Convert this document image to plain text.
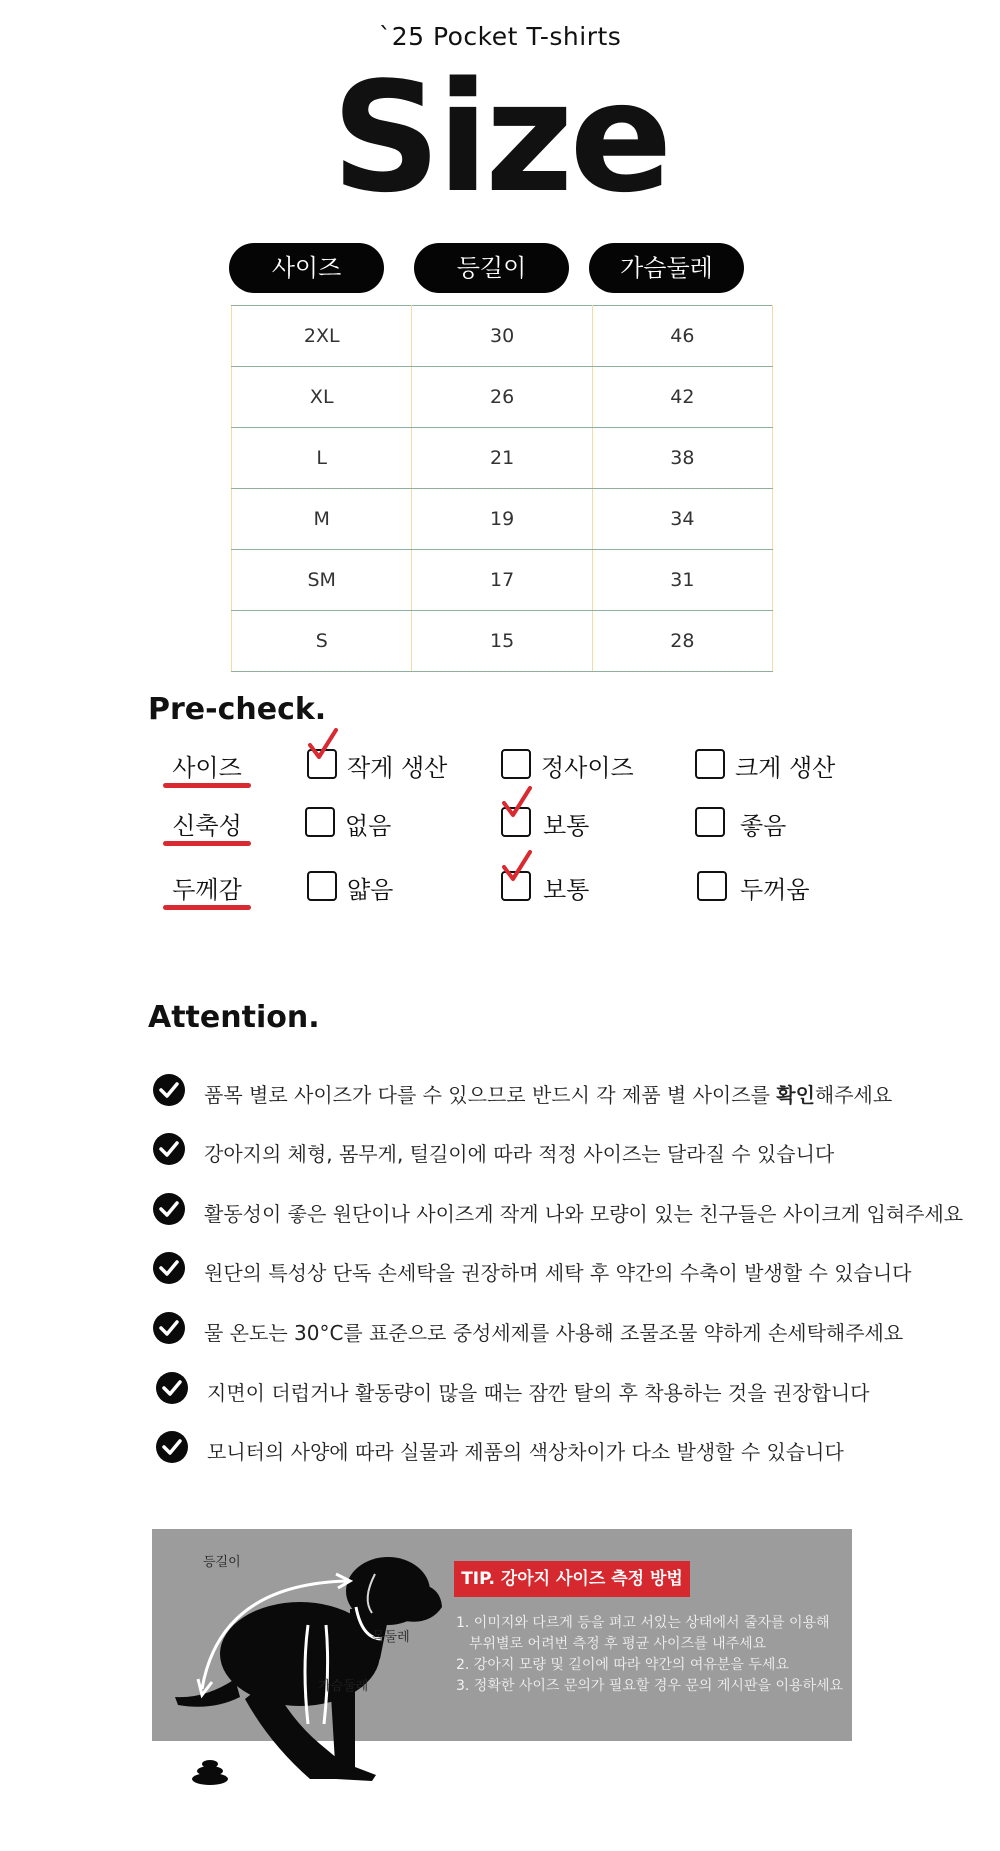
`25 Pocket T-shirts
Size
사이즈	등길이	가슴둘레
2XL	30	46
XL	26	42
L	21	38
M	19	34
SM	17	31
S	15	28
Pre-check.
사이즈	작게 생산	정사이즈	크게 생산
신축성	없음	보통	좋음
두께감	얇음	보통	두꺼움
Attention.
품목 별로 사이즈가 다를 수 있으므로 반드시 각 제품 별 사이즈를 확인해주세요
강아지의 체형, 몸무게, 털길이에 따라 적정 사이즈는 달라질 수 있습니다
활동성이 좋은 원단이나 사이즈게 작게 나와 모량이 있는 친구들은 사이크게 입혀주세요
원단의 특성상 단독 손세탁을 권장하며 세탁 후 약간의 수축이 발생할 수 있습니다
물 온도는 30°C를 표준으로 중성세제를 사용해 조물조물 약하게 손세탁해주세요
지면이 더럽거나 활동량이 많을 때는 잠깐 탈의 후 착용하는 것을 권장합니다
모니터의 사양에 따라 실물과 제품의 색상차이가 다소 발생할 수 있습니다
등길이
목둘레
가슴둘레
TIP. 강아지 사이즈 측정 방법
1. 이미지와 다르게 등을 펴고 서있는 상태에서 줄자를 이용해
부위별로 어려번 측정 후 평균 사이즈를 내주세요
2. 강아지 모량 및 길이에 따라 약간의 여유분을 두세요
3. 정확한 사이즈 문의가 필요할 경우 문의 게시판을 이용하세요
